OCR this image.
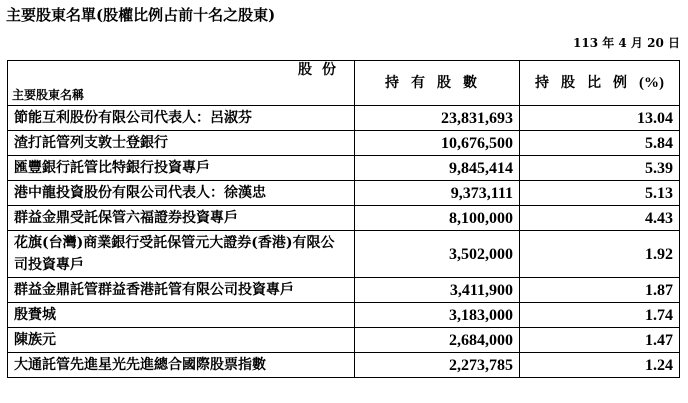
主要股東名單(股權比例占前十名之股東)
113 年 4 月 20 日
股份
主要股東名稱	持有股數	持股比例(%)
節能互利股份有限公司代表人：呂淑芬	23,831,693	13.04
渣打託管列支敦士登銀行	10,676,500	5.84
匯豐銀行託管比特銀行投資專戶	9,845,414	5.39
港中龍投資股份有限公司代表人：徐漢忠	9,373,111	5.13
群益金鼎受託保管六福證券投資專戶	8,100,000	4.43
花旗(台灣)商業銀行受託保管元大證券(香港)有限公司投資專戶	3,502,000	1.92
群益金鼎託管群益香港託管有限公司投資專戶	3,411,900	1.87
殷賚城	3,183,000	1.74
陳族元	2,684,000	1.47
大通託管先進星光先進總合國際股票指數	2,273,785	1.24
